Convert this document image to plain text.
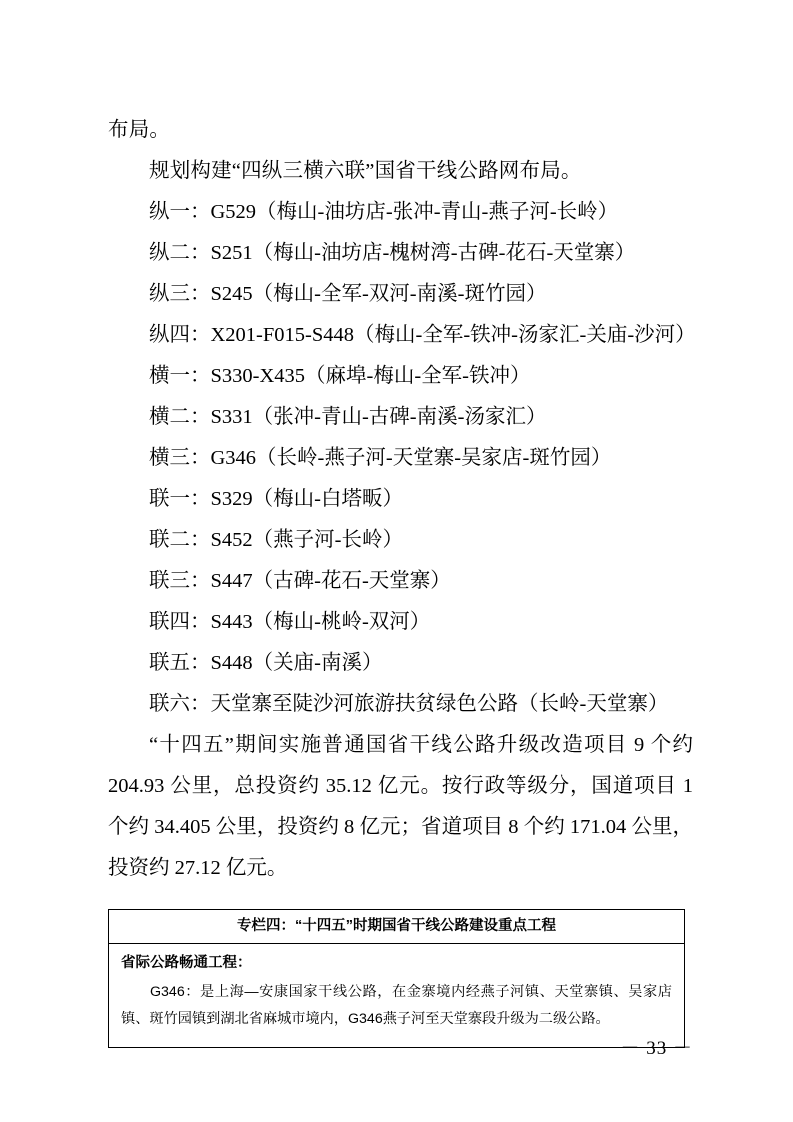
布局。

规划构建“四纵三横六联”国省干线公路网布局。

纵一：G529（梅山-油坊店-张冲-青山-燕子河-长岭）

纵二：S251（梅山-油坊店-槐树湾-古碑-花石-天堂寨）

纵三：S245（梅山-全军-双河-南溪-斑竹园）

纵四：X201-F015-S448（梅山-全军-铁冲-汤家汇-关庙-沙河）

横一：S330-X435（麻埠-梅山-全军-铁冲）

横二：S331（张冲-青山-古碑-南溪-汤家汇）

横三：G346（长岭-燕子河-天堂寨-吴家店-斑竹园）

联一：S329（梅山-白塔畈）

联二：S452（燕子河-长岭）

联三：S447（古碑-花石-天堂寨）

联四：S443（梅山-桃岭-双河）

联五：S448（关庙-南溪）

联六：天堂寨至陡沙河旅游扶贫绿色公路（长岭-天堂寨）

“十四五”期间实施普通国省干线公路升级改造项目 9 个约 204.93 公里，总投资约 35.12 亿元。按行政等级分，国道项目 1 个约 34.405 公里，投资约 8 亿元；省道项目 8 个约 171.04 公里，投资约 27.12 亿元。

专栏四：“十四五”时期国省干线公路建设重点工程

省际公路畅通工程：

G346：是上海—安康国家干线公路，在金寨境内经燕子河镇、天堂寨镇、吴家店镇、斑竹园镇到湖北省麻城市境内，G346燕子河至天堂寨段升级为二级公路。

－ 33 －
